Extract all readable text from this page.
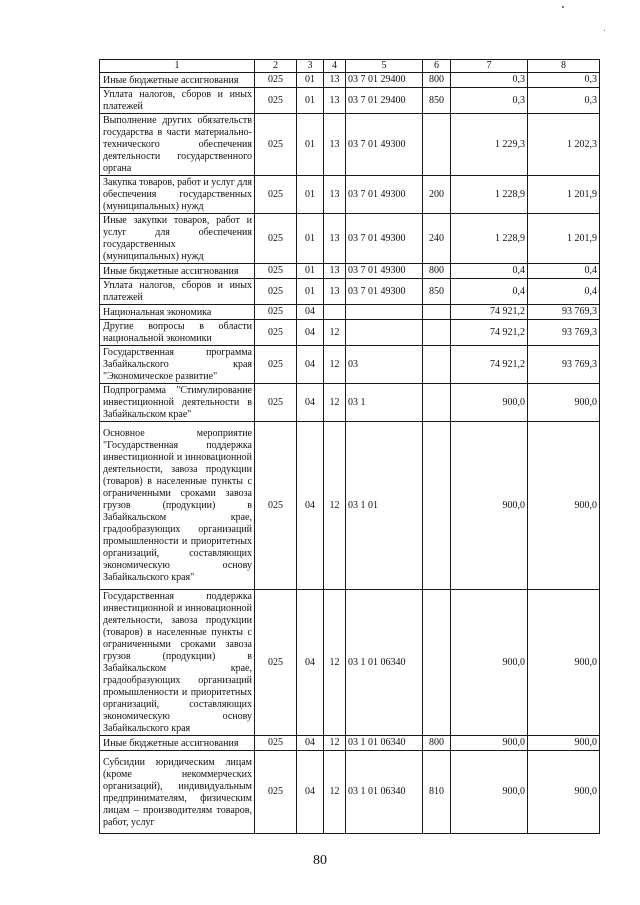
1	2	3	4	5	6	7	8
Иные бюджетные ассигнования	025	01	13	03 7 01 29400	800	0,3	0,3
Уплата налогов, сборов и иных платежей	025	01	13	03 7 01 29400	850	0,3	0,3
Выполнение других обязательств государства в части материально-технического обеспечения деятельности государственного органа	025	01	13	03 7 01 49300		1 229,3	1 202,3
Закупка товаров, работ и услуг для обеспечения государственных (муниципальных) нужд	025	01	13	03 7 01 49300	200	1 228,9	1 201,9
Иные закупки товаров, работ и услуг для обеспечения государственных (муниципальных) нужд	025	01	13	03 7 01 49300	240	1 228,9	1 201,9
Иные бюджетные ассигнования	025	01	13	03 7 01 49300	800	0,4	0,4
Уплата налогов, сборов и иных платежей	025	01	13	03 7 01 49300	850	0,4	0,4
Национальная экономика	025	04				74 921,2	93 769,3
Другие вопросы в области национальной экономики	025	04	12			74 921,2	93 769,3
Государственная программа Забайкальского края "Экономическое развитие"	025	04	12	03		74 921,2	93 769,3
Подпрограмма "Стимулирование инвестиционной деятельности в Забайкальском крае"	025	04	12	03 1		900,0	900,0
Основное мероприятие "Государственная поддержка инвестиционной и инновационной деятельности, завоза продукции (товаров) в населенные пункты с ограниченными сроками завоза грузов (продукции) в Забайкальском крае, градообразующих организаций промышленности и приоритетных организаций, составляющих экономическую основу Забайкальского края"	025	04	12	03 1 01		900,0	900,0
Государственная поддержка инвестиционной и инновационной деятельности, завоза продукции (товаров) в населенные пункты с ограниченными сроками завоза грузов (продукции) в Забайкальском крае, градообразующих организаций промышленности и приоритетных организаций, составляющих экономическую основу Забайкальского края	025	04	12	03 1 01 06340		900,0	900,0
Иные бюджетные ассигнования	025	04	12	03 1 01 06340	800	900,0	900,0
Субсидии юридическим лицам (кроме некоммерческих организаций), индивидуальным предпринимателям, физическим лицам – производителям товаров, работ, услуг	025	04	12	03 1 01 06340	810	900,0	900,0
80
